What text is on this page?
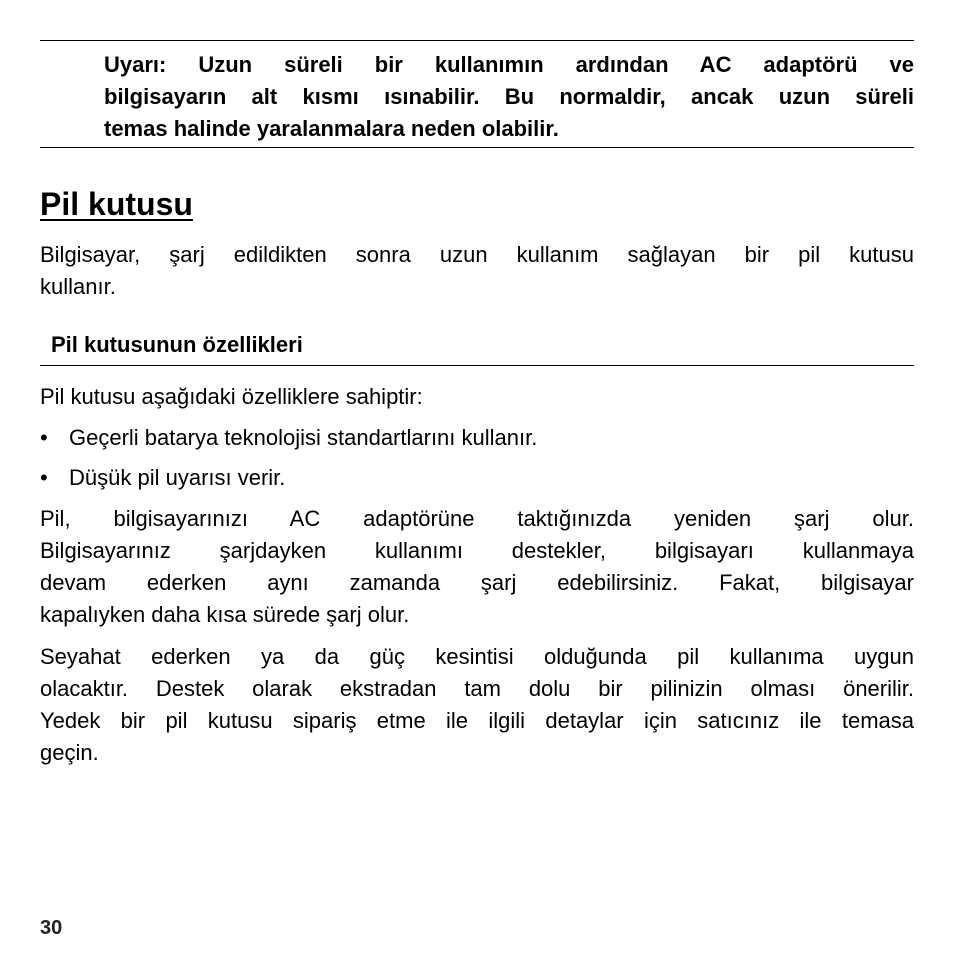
Uyarı: Uzun süreli bir kullanımın ardından AC adaptörü ve
bilgisayarın alt kısmı ısınabilir. Bu normaldir, ancak uzun süreli
temas halinde yaralanmalara neden olabilir.
Pil kutusu
Bilgisayar, şarj edildikten sonra uzun kullanım sağlayan bir pil kutusu
kullanır.
Pil kutusunun özellikleri
Pil kutusu aşağıdaki özelliklere sahiptir:
• Geçerli batarya teknolojisi standartlarını kullanır.
• Düşük pil uyarısı verir.
Pil, bilgisayarınızı AC adaptörüne taktığınızda yeniden şarj olur.
Bilgisayarınız şarjdayken kullanımı destekler, bilgisayarı kullanmaya
devam ederken aynı zamanda şarj edebilirsiniz. Fakat, bilgisayar
kapalıyken daha kısa sürede şarj olur.
Seyahat ederken ya da güç kesintisi olduğunda pil kullanıma uygun
olacaktır. Destek olarak ekstradan tam dolu bir pilinizin olması önerilir.
Yedek bir pil kutusu sipariş etme ile ilgili detaylar için satıcınız ile temasa
geçin.
30
